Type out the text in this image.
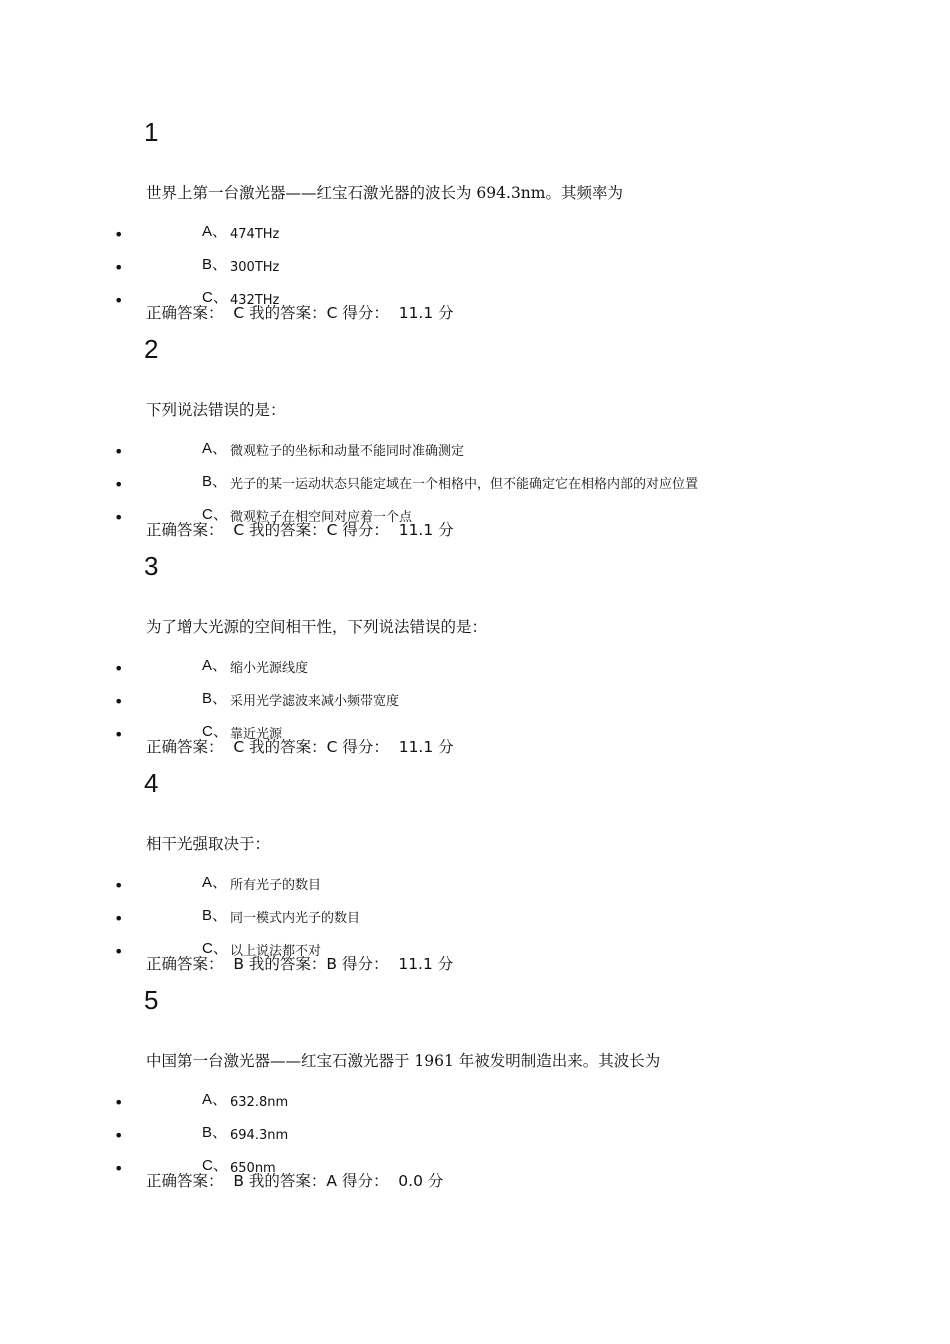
1
世界上第一台激光器——红宝石激光器的波长为 694.3nm。其频率为
•	A、 474THz
•	B、 300THz
•	C、 432THz
正确答案：  C 我的答案：C 得分：  11.1 分
2
下列说法错误的是：
•	A、 微观粒子的坐标和动量不能同时准确测定
•	B、 光子的某一运动状态只能定域在一个相格中，但不能确定它在相格内部的对应位置
•	C、 微观粒子在相空间对应着一个点
正确答案：  C 我的答案：C 得分：  11.1 分
3
为了增大光源的空间相干性，下列说法错误的是：
•	A、 缩小光源线度
•	B、 采用光学滤波来减小频带宽度
•	C、 靠近光源
正确答案：  C 我的答案：C 得分：  11.1 分
4
相干光强取决于：
•	A、 所有光子的数目
•	B、 同一模式内光子的数目
•	C、 以上说法都不对
正确答案：  B 我的答案：B 得分：  11.1 分
5
中国第一台激光器——红宝石激光器于 1961 年被发明制造出来。其波长为
•	A、 632.8nm
•	B、 694.3nm
•	C、 650nm
正确答案：  B 我的答案：A 得分：  0.0 分
